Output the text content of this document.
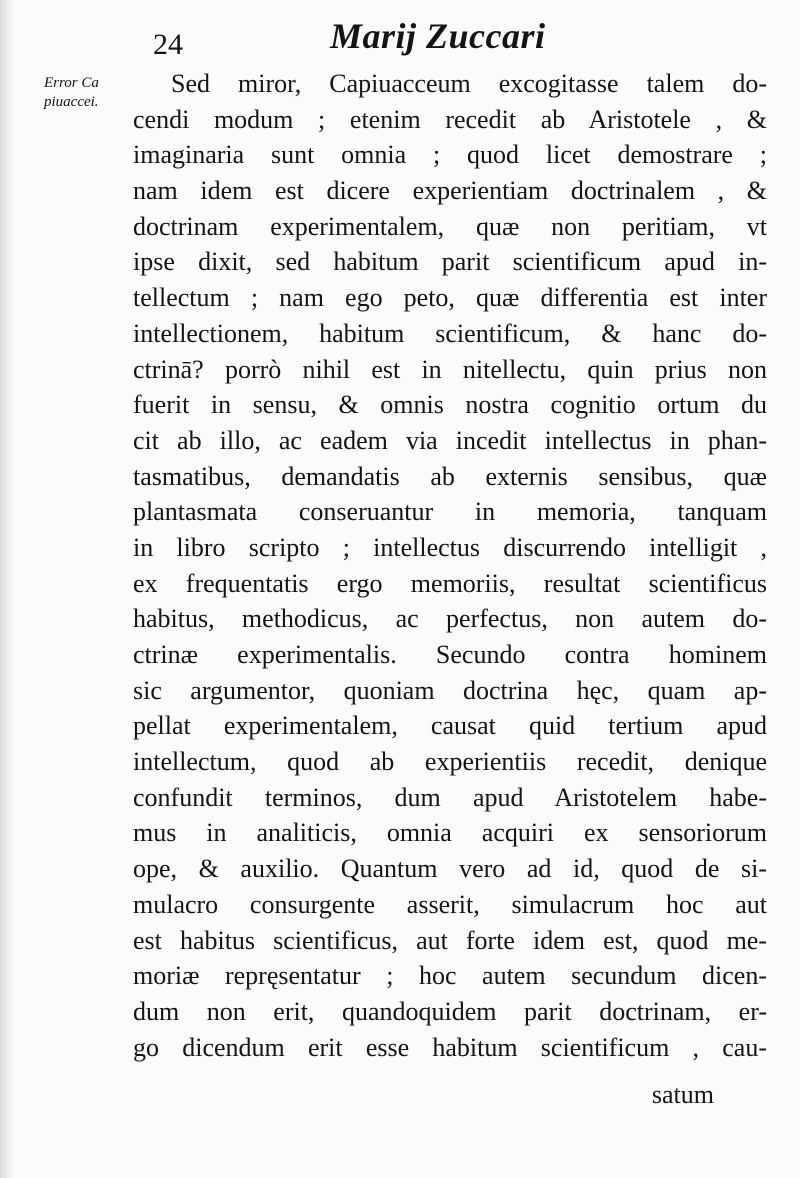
24	Marij Zuccari
Error Ca
piuaccei.
Sed miror, Capiuacceum excogitasse talem do-
cendi modum ; etenim recedit ab Aristotele , &
imaginaria sunt omnia ; quod licet demostrare ;
nam idem est dicere experientiam doctrinalem , &
doctrinam experimentalem, quæ non peritiam, vt
ipse dixit, sed habitum parit scientificum apud in-
tellectum ; nam ego peto, quæ differentia est inter
intellectionem, habitum scientificum, & hanc do-
ctrinā? porrò nihil est in nitellectu, quin prius non
fuerit in sensu, & omnis nostra cognitio ortum du
cit ab illo, ac eadem via incedit intellectus in phan-
tasmatibus, demandatis ab externis sensibus, quæ
plantasmata conseruantur in memoria, tanquam
in libro scripto ; intellectus discurrendo intelligit ,
ex frequentatis ergo memoriis, resultat scientificus
habitus, methodicus, ac perfectus, non autem do-
ctrinæ experimentalis. Secundo contra hominem
sic argumentor, quoniam doctrina hęc, quam ap-
pellat experimentalem, causat quid tertium apud
intellectum, quod ab experientiis recedit, denique
confundit terminos, dum apud Aristotelem habe-
mus in analiticis, omnia acquiri ex sensoriorum
ope, & auxilio. Quantum vero ad id, quod de si-
mulacro consurgente asserit, simulacrum hoc aut
est habitus scientificus, aut forte idem est, quod me-
moriæ repręsentatur ; hoc autem secundum dicen-
dum non erit, quandoquidem parit doctrinam, er-
go dicendum erit esse habitum scientificum , cau-
satum
